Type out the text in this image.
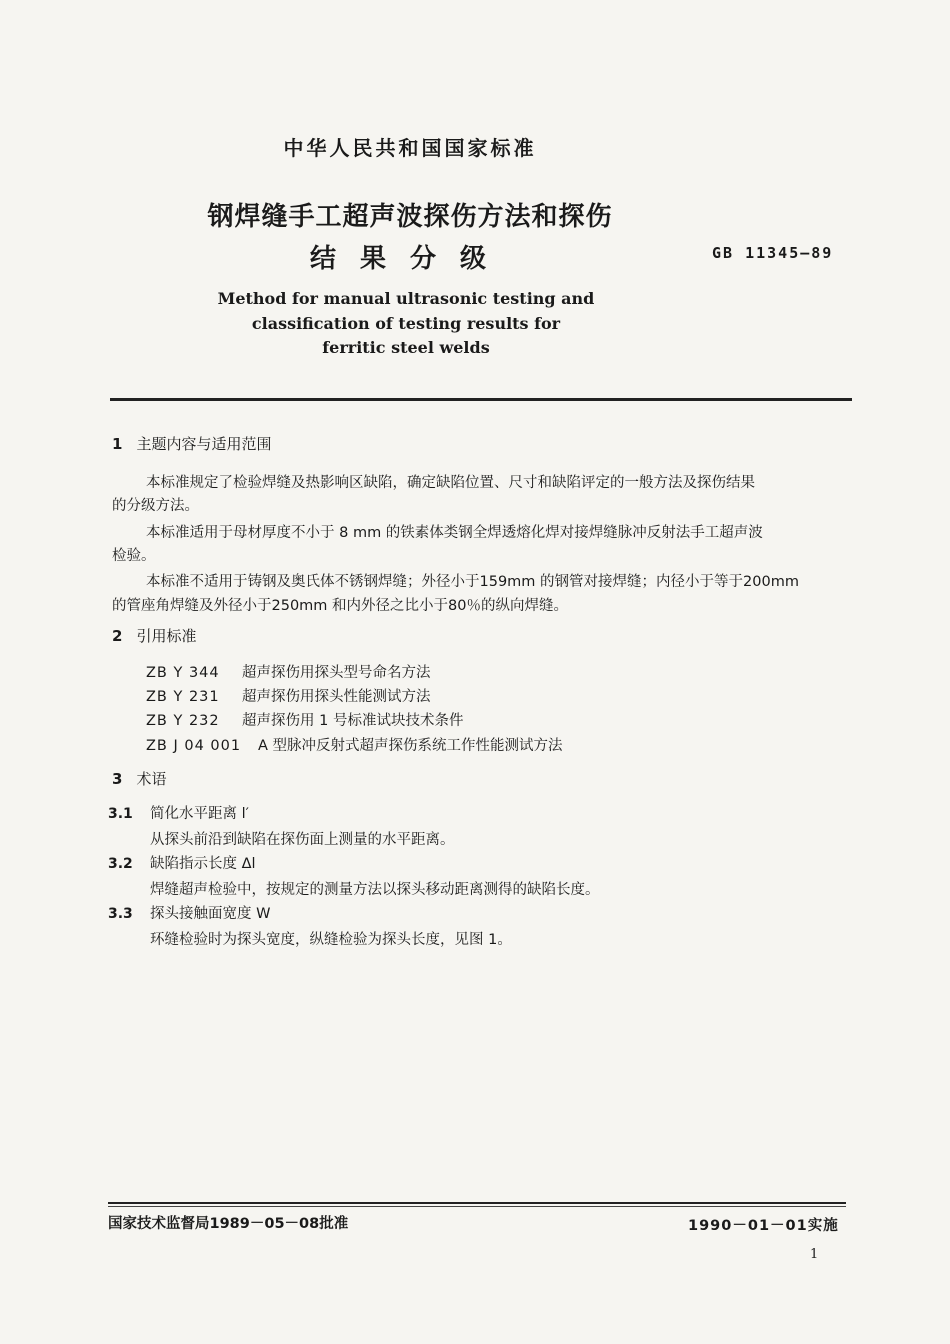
中华人民共和国国家标准
钢焊缝手工超声波探伤方法和探伤
结果分级	GB 11345—89
Method for manual ultrasonic testing and
classification of testing results for
ferritic steel welds
1 主题内容与适用范围
本标准规定了检验焊缝及热影响区缺陷，确定缺陷位置、尺寸和缺陷评定的一般方法及探伤结果
的分级方法。
本标准适用于母材厚度不小于 8 mm 的铁素体类钢全焊透熔化焊对接焊缝脉冲反射法手工超声波
检验。
本标准不适用于铸钢及奥氏体不锈钢焊缝；外径小于159mm 的钢管对接焊缝；内径小于等于200mm
的管座角焊缝及外径小于250mm 和内外径之比小于80％的纵向焊缝。
2 引用标准
ZB Y 344 超声探伤用探头型号命名方法
ZB Y 231 超声探伤用探头性能测试方法
ZB Y 232 超声探伤用 1 号标准试块技术条件
ZB J 04 001 A 型脉冲反射式超声探伤系统工作性能测试方法
3 术语
3.1 简化水平距离 l′
从探头前沿到缺陷在探伤面上测量的水平距离。
3.2 缺陷指示长度 Δl
焊缝超声检验中，按规定的测量方法以探头移动距离测得的缺陷长度。
3.3 探头接触面宽度 W
环缝检验时为探头宽度，纵缝检验为探头长度，见图 1。
国家技术监督局1989－05－08批准	1990－01－01实施
1
